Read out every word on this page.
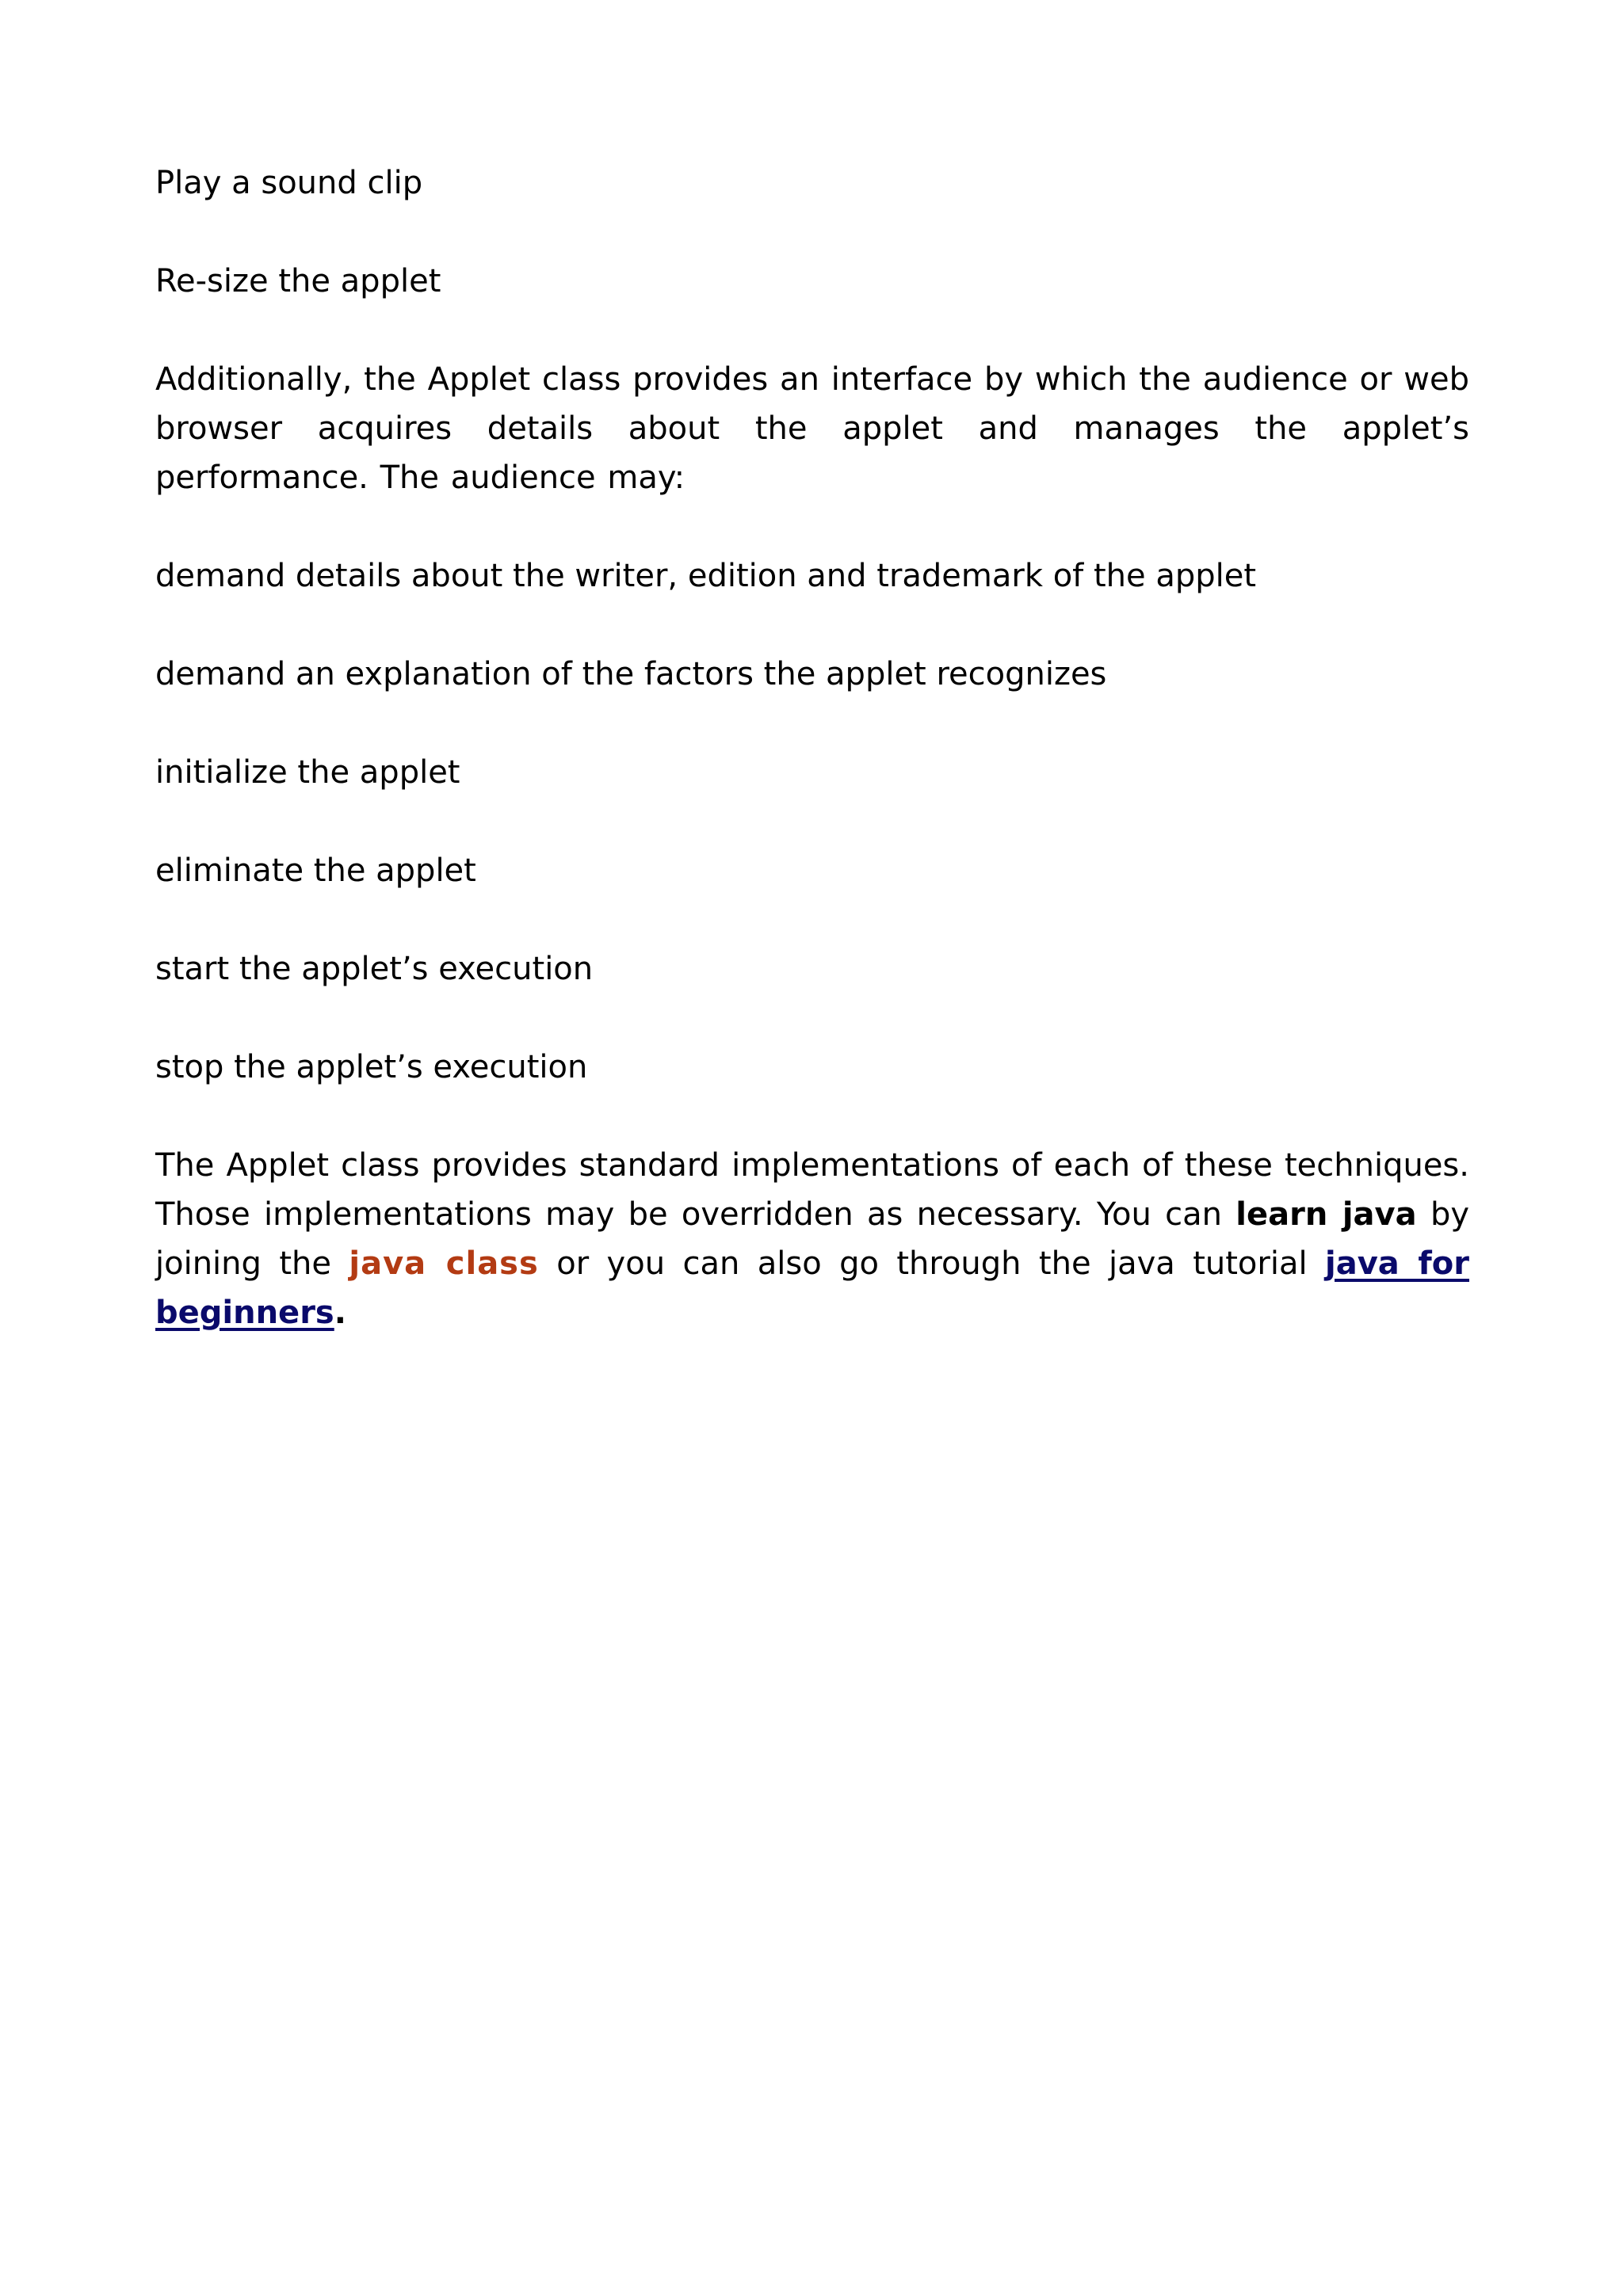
Play a sound clip

Re-size the applet

Additionally, the Applet class provides an interface by which the audience or web browser acquires details about the applet and manages the applet’s performance. The audience may:

demand details about the writer, edition and trademark of the applet

demand an explanation of the factors the applet recognizes

initialize the applet

eliminate the applet

start the applet’s execution

stop the applet’s execution

The Applet class provides standard implementations of each of these techniques. Those implementations may be overridden as necessary. You can learn java by joining the java class or you can also go through the java tutorial java for beginners.
